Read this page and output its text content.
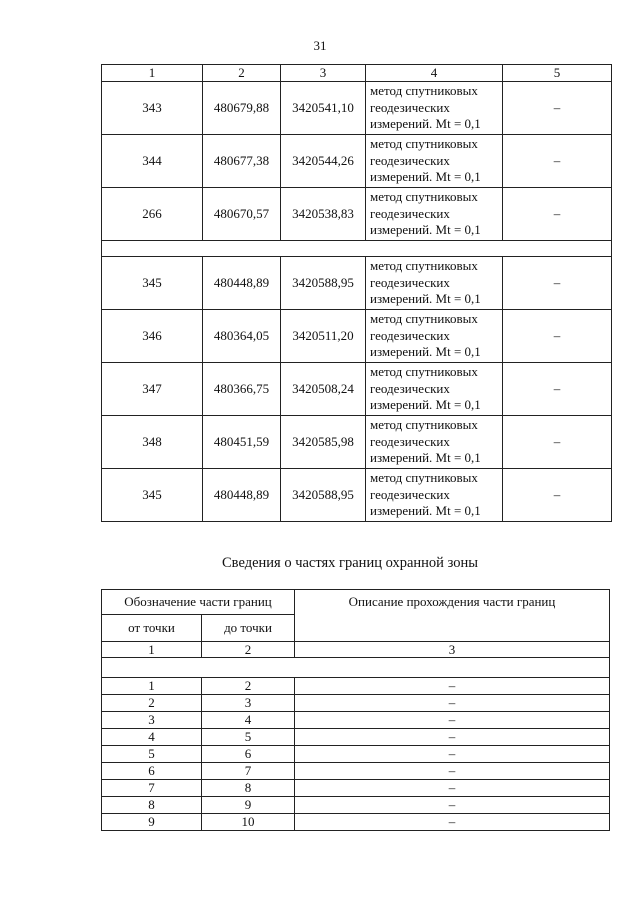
31
1	2	3	4	5
343	480679,88	3420541,10	метод спутниковых
геодезических
измерений. Mt = 0,1	–
344	480677,38	3420544,26	метод спутниковых
геодезических
измерений. Mt = 0,1	–
266	480670,57	3420538,83	метод спутниковых
геодезических
измерений. Mt = 0,1	–

345	480448,89	3420588,95	метод спутниковых
геодезических
измерений. Mt = 0,1	–
346	480364,05	3420511,20	метод спутниковых
геодезических
измерений. Mt = 0,1	–
347	480366,75	3420508,24	метод спутниковых
геодезических
измерений. Mt = 0,1	–
348	480451,59	3420585,98	метод спутниковых
геодезических
измерений. Mt = 0,1	–
345	480448,89	3420588,95	метод спутниковых
геодезических
измерений. Mt = 0,1	–
Сведения о частях границ охранной зоны
Обозначение части границ		Описание прохождения части границ
от точки	до точки	
1	2	3

1	2	–
2	3	–
3	4	–
4	5	–
5	6	–
6	7	–
7	8	–
8	9	–
9	10	–
